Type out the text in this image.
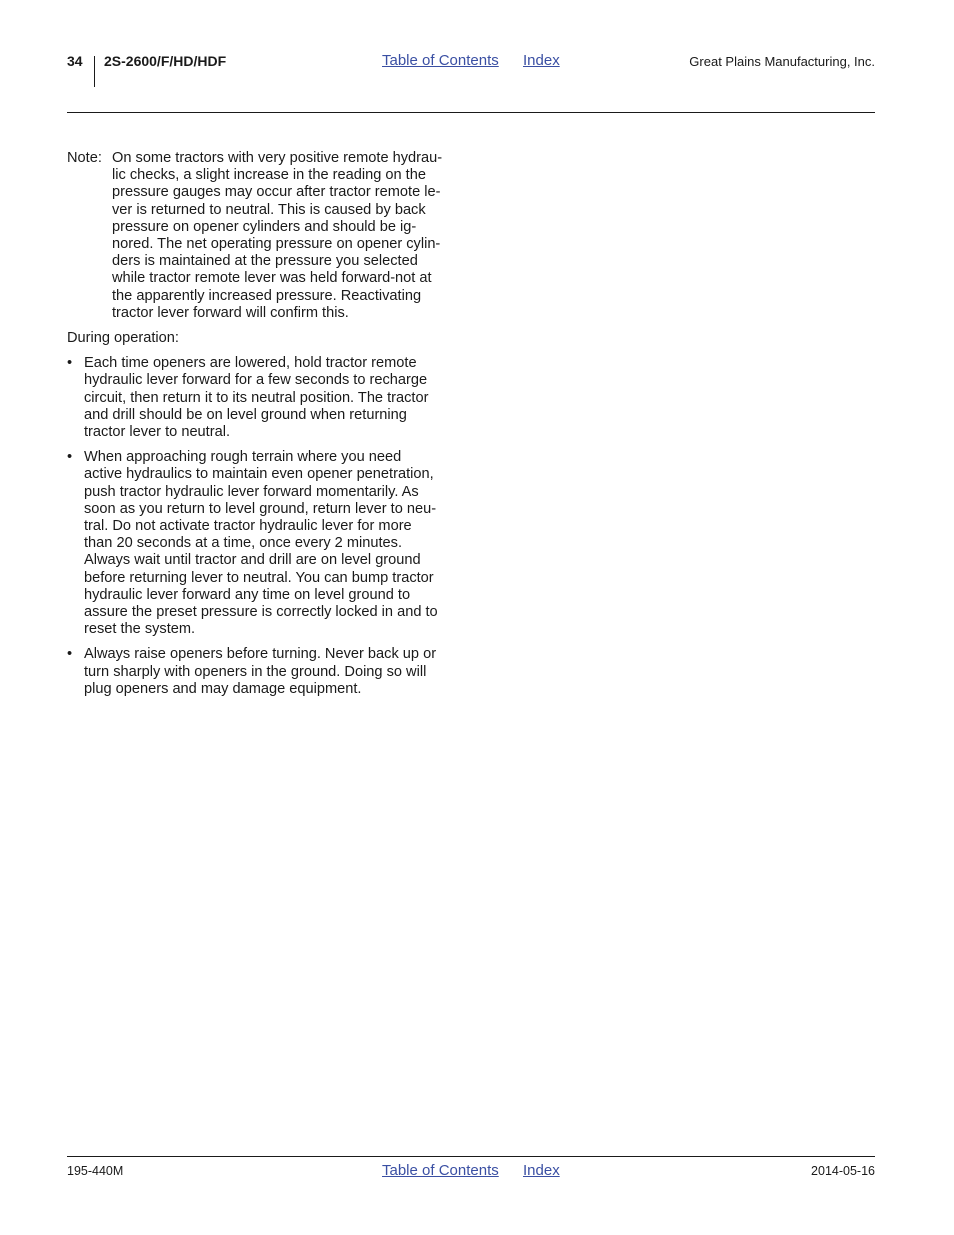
34 2S-2600/F/HD/HDF	Table of Contents Index	Great Plains Manufacturing, Inc.
Note: On some tractors with very positive remote hydrau-
lic checks, a slight increase in the reading on the
pressure gauges may occur after tractor remote le-
ver is returned to neutral. This is caused by back
pressure on opener cylinders and should be ig-
nored. The net operating pressure on opener cylin-
ders is maintained at the pressure you selected
while tractor remote lever was held forward-not at
the apparently increased pressure. Reactivating
tractor lever forward will confirm this.
During operation:
• Each time openers are lowered, hold tractor remote
hydraulic lever forward for a few seconds to recharge
circuit, then return it to its neutral position. The tractor
and drill should be on level ground when returning
tractor lever to neutral.
• When approaching rough terrain where you need
active hydraulics to maintain even opener penetration,
push tractor hydraulic lever forward momentarily. As
soon as you return to level ground, return lever to neu-
tral. Do not activate tractor hydraulic lever for more
than 20 seconds at a time, once every 2 minutes.
Always wait until tractor and drill are on level ground
before returning lever to neutral. You can bump tractor
hydraulic lever forward any time on level ground to
assure the preset pressure is correctly locked in and to
reset the system.
• Always raise openers before turning. Never back up or
turn sharply with openers in the ground. Doing so will
plug openers and may damage equipment.
195-440M	Table of Contents Index	2014-05-16
